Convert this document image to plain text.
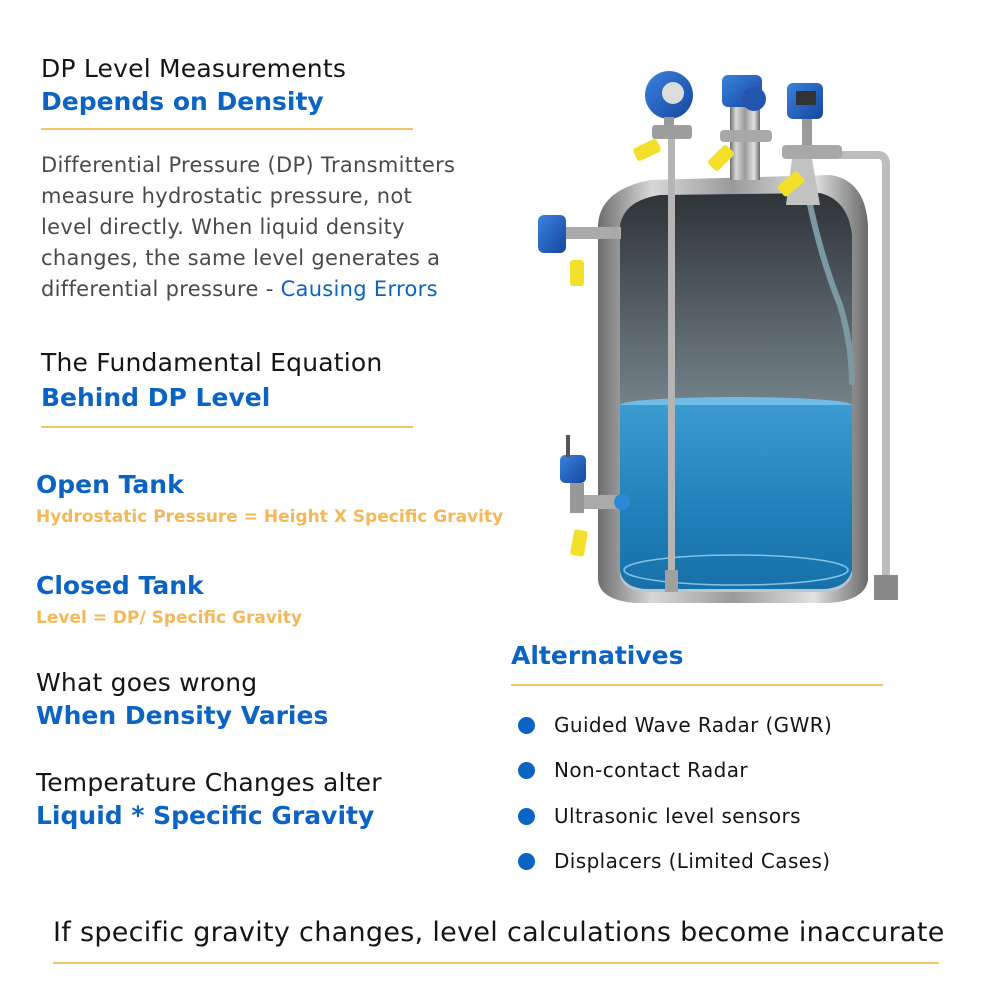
DP Level Measurements
Depends on Density
Differential Pressure (DP) Transmitters
measure hydrostatic pressure, not
level directly. When liquid density
changes, the same level generates a
differential pressure - Causing Errors
The Fundamental Equation
Behind DP Level
Open Tank
Hydrostatic Pressure = Height X Specific Gravity
Closed Tank
Level = DP/ Specific Gravity
What goes wrong
When Density Varies
Temperature Changes alter
Liquid * Specific Gravity
Alternatives
Guided Wave Radar (GWR)
Non-contact Radar
Ultrasonic level sensors
Displacers (Limited Cases)
If specific gravity changes, level calculations become inaccurate
